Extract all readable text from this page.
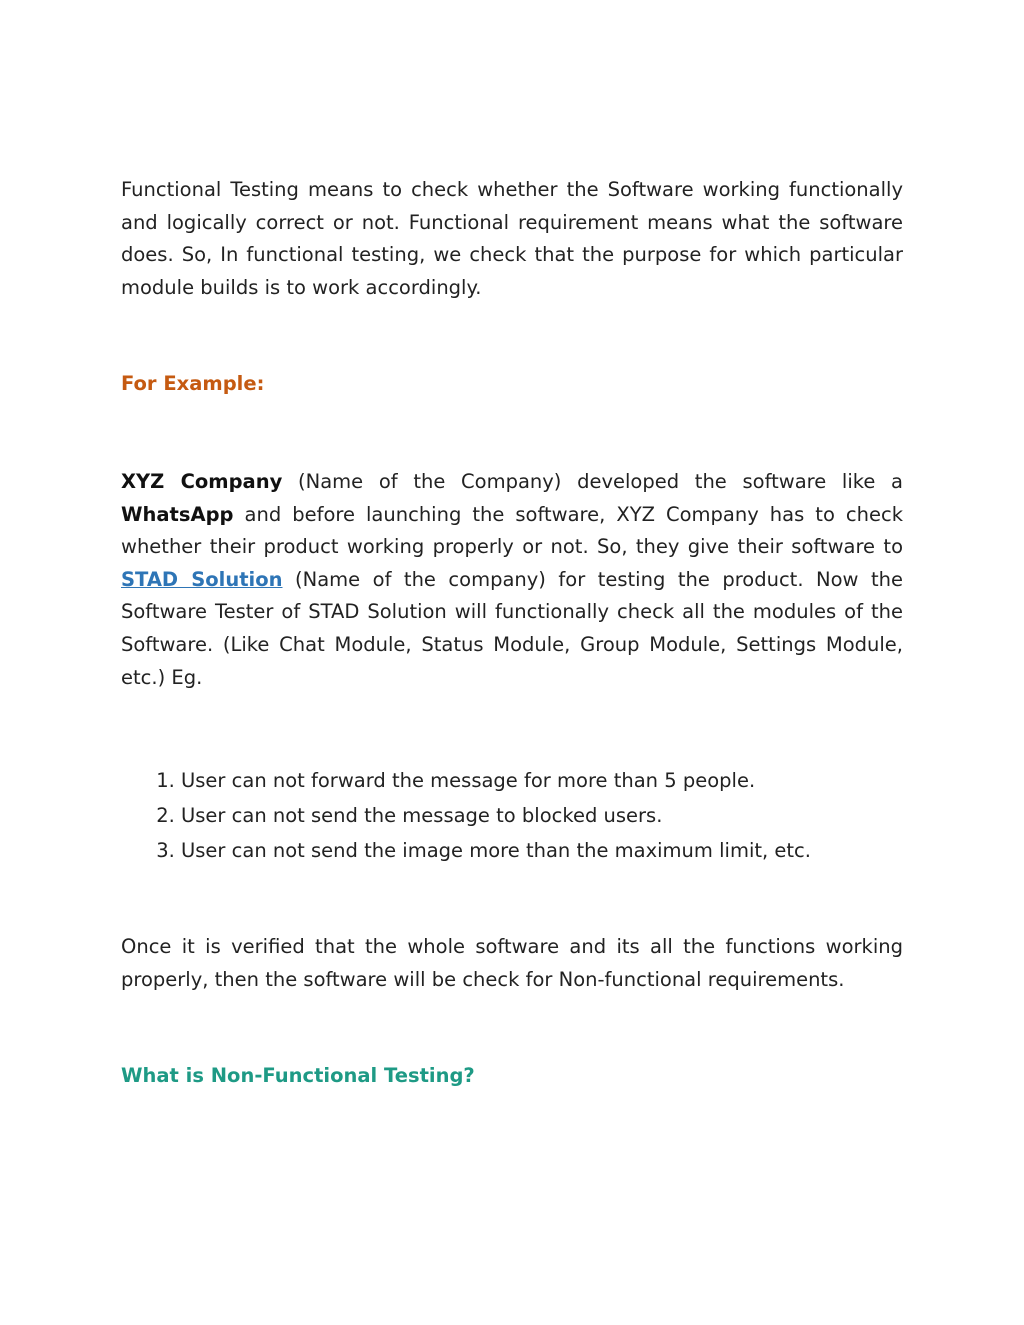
Functional Testing means to check whether the Software working functionally and logically correct or not. Functional requirement means what the software does. So, In functional testing, we check that the purpose for which particular module builds is to work accordingly.

For Example:

XYZ Company (Name of the Company) developed the software like a WhatsApp and before launching the software, XYZ Company has to check whether their product working properly or not. So, they give their software to STAD Solution (Name of the company) for testing the product. Now the Software Tester of STAD Solution will functionally check all the modules of the Software. (Like Chat Module, Status Module, Group Module, Settings Module, etc.) Eg.

1. User can not forward the message for more than 5 people.
2. User can not send the message to blocked users.
3. User can not send the image more than the maximum limit, etc.

Once it is verified that the whole software and its all the functions working properly, then the software will be check for Non-functional requirements.

What is Non-Functional Testing?
